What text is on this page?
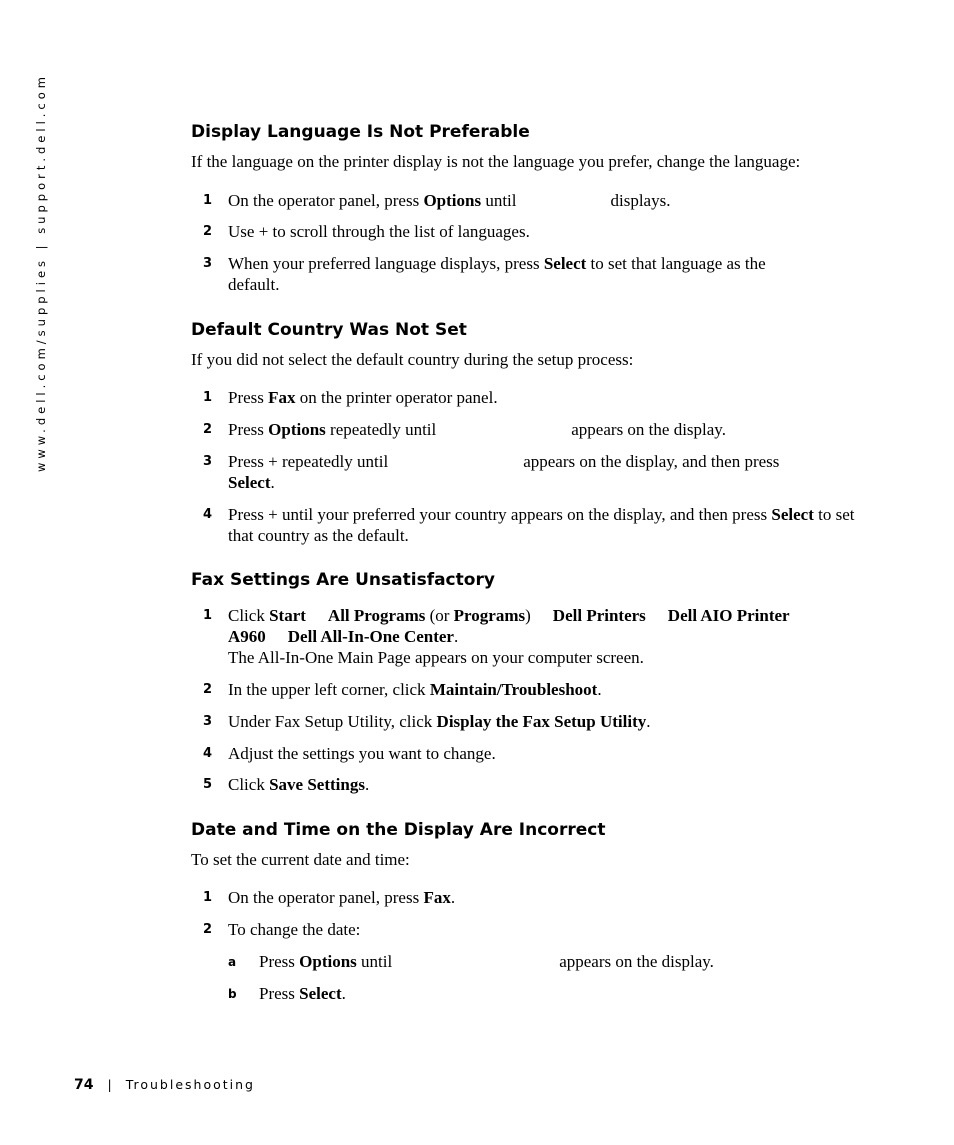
www.dell.com/supplies | support.dell.com	Display Language Is Not Preferable

If the language on the printer display is not the language you prefer, change the language:

1 On the operator panel, press Options until	displays.
2 Use + to scroll through the list of languages.
3 When your preferred language displays, press Select to set that language as the default.
Default Country Was Not Set

If you did not select the default country during the setup process:

1 Press Fax on the printer operator panel.
2 Press Options repeatedly until	appears on the display.
3 Press + repeatedly until	appears on the display, and then press
Select.
4 Press + until your preferred your country appears on the display, and then press Select to set that country as the default.
Fax Settings Are Unsatisfactory
1 Click Start All Programs (or Programs) Dell Printers Dell AIO Printer
A960 Dell All-In-One Center.
The All-In-One Main Page appears on your computer screen.
2 In the upper left corner, click Maintain/Troubleshoot.
3 Under Fax Setup Utility, click Display the Fax Setup Utility.
4 Adjust the settings you want to change.
5 Click Save Settings.
Date and Time on the Display Are Incorrect

To set the current date and time:

1 On the operator panel, press Fax.
2 To change the date:
a Press Options until	appears on the display.
b Press Select.
74 | Troubleshooting
